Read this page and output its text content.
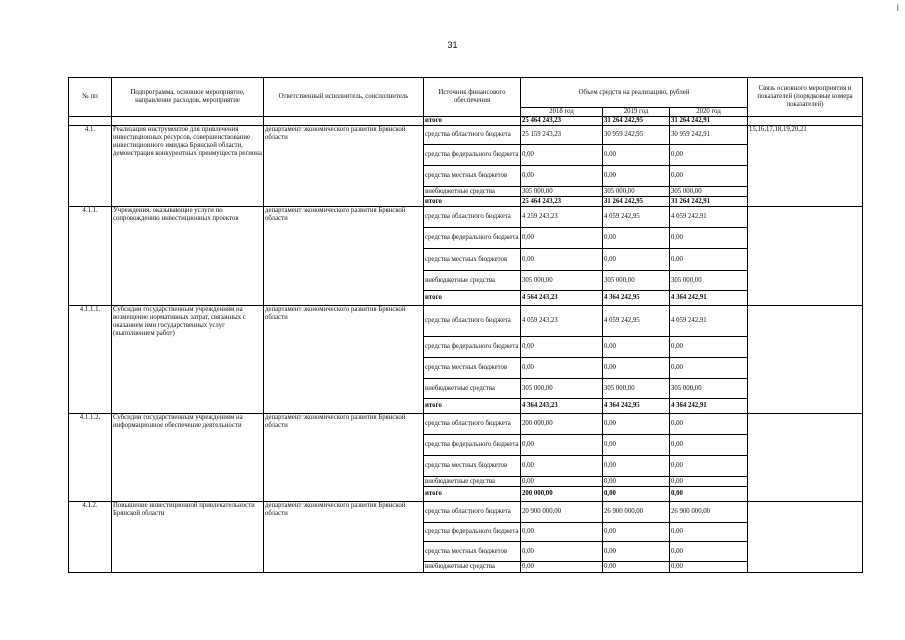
31
I
№ пп	Подпрограмма, основное мероприятие, направление расходов, мероприятие	Ответственный исполнитель, соисполнитель	Источник финансового обеспечения	Объем средств на реализацию, рублей			Связь основного мероприятия и показателей (порядковые номера показателей)
				2018 год	2019 год	2020 год	
			итого	25 464 243,23	31 264 242,95	31 264 242,91	
4.1.	Реализация инструментов для привлечения инвестиционных ресурсов, совершенствование инвестиционного имиджа Брянской области, демонстрация конкурентных преимуществ региона	департамент экономического развития Брянской области	средства областного бюджета	25 159 243,23	30 959 242,95	30 959 242,91	15,16,17,18,19,20,21
			средства федерального бюджета	0,00	0,00	0,00	
			средства местных бюджетов	0,00	0,00	0,00	
			внебюджетные средства	305 000,00	305 000,00	305 000,00	
			итого	25 464 243,23	31 264 242,95	31 264 242,91	
4.1.1.	Учреждения, оказывающие услуги по сопровождению инвестиционных проектов	департамент экономического развития Брянской области	средства областного бюджета	4 259 243,23	4 059 242,95	4 059 242,91	
			средства федерального бюджета	0,00	0,00	0,00	
			средства местных бюджетов	0,00	0,00	0,00	
			внебюджетные средства	305 000,00	305 000,00	305 000,00	
			итого	4 564 243,23	4 364 242,95	4 364 242,91	
4.1.1.1.	Субсидии государственным учреждениям на возмещение нормативных затрат, связанных с оказанием ими государственных услуг (выполнением работ)	департамент экономического развития Брянской области	средства областного бюджета	4 059 243,23	4 059 242,95	4 059 242,91	
			средства федерального бюджета	0,00	0,00	0,00	
			средства местных бюджетов	0,00	0,00	0,00	
			внебюджетные средства	305 000,00	305 000,00	305 000,00	
			итого	4 364 243,23	4 364 242,95	4 364 242,91	
4.1.1.2.	Субсидии государственным учреждениям на информационное обеспечение деятельности	департамент экономического развития Брянской области	средства областного бюджета	200 000,00	0,00	0,00	
			средства федерального бюджета	0,00	0,00	0,00	
			средства местных бюджетов	0,00	0,00	0,00	
			внебюджетные средства	0,00	0,00	0,00	
			итого	200 000,00	0,00	0,00	
4.1.2.	Повышение инвестиционной привлекательности Брянской области	департамент экономического развития Брянской области	средства областного бюджета	20 900 000,00	26 900 000,00	26 900 000,00	
			средства федерального бюджета	0,00	0,00	0,00	
			средства местных бюджетов	0,00	0,00	0,00	
			внебюджетные средства	0,00	0,00	0,00	
